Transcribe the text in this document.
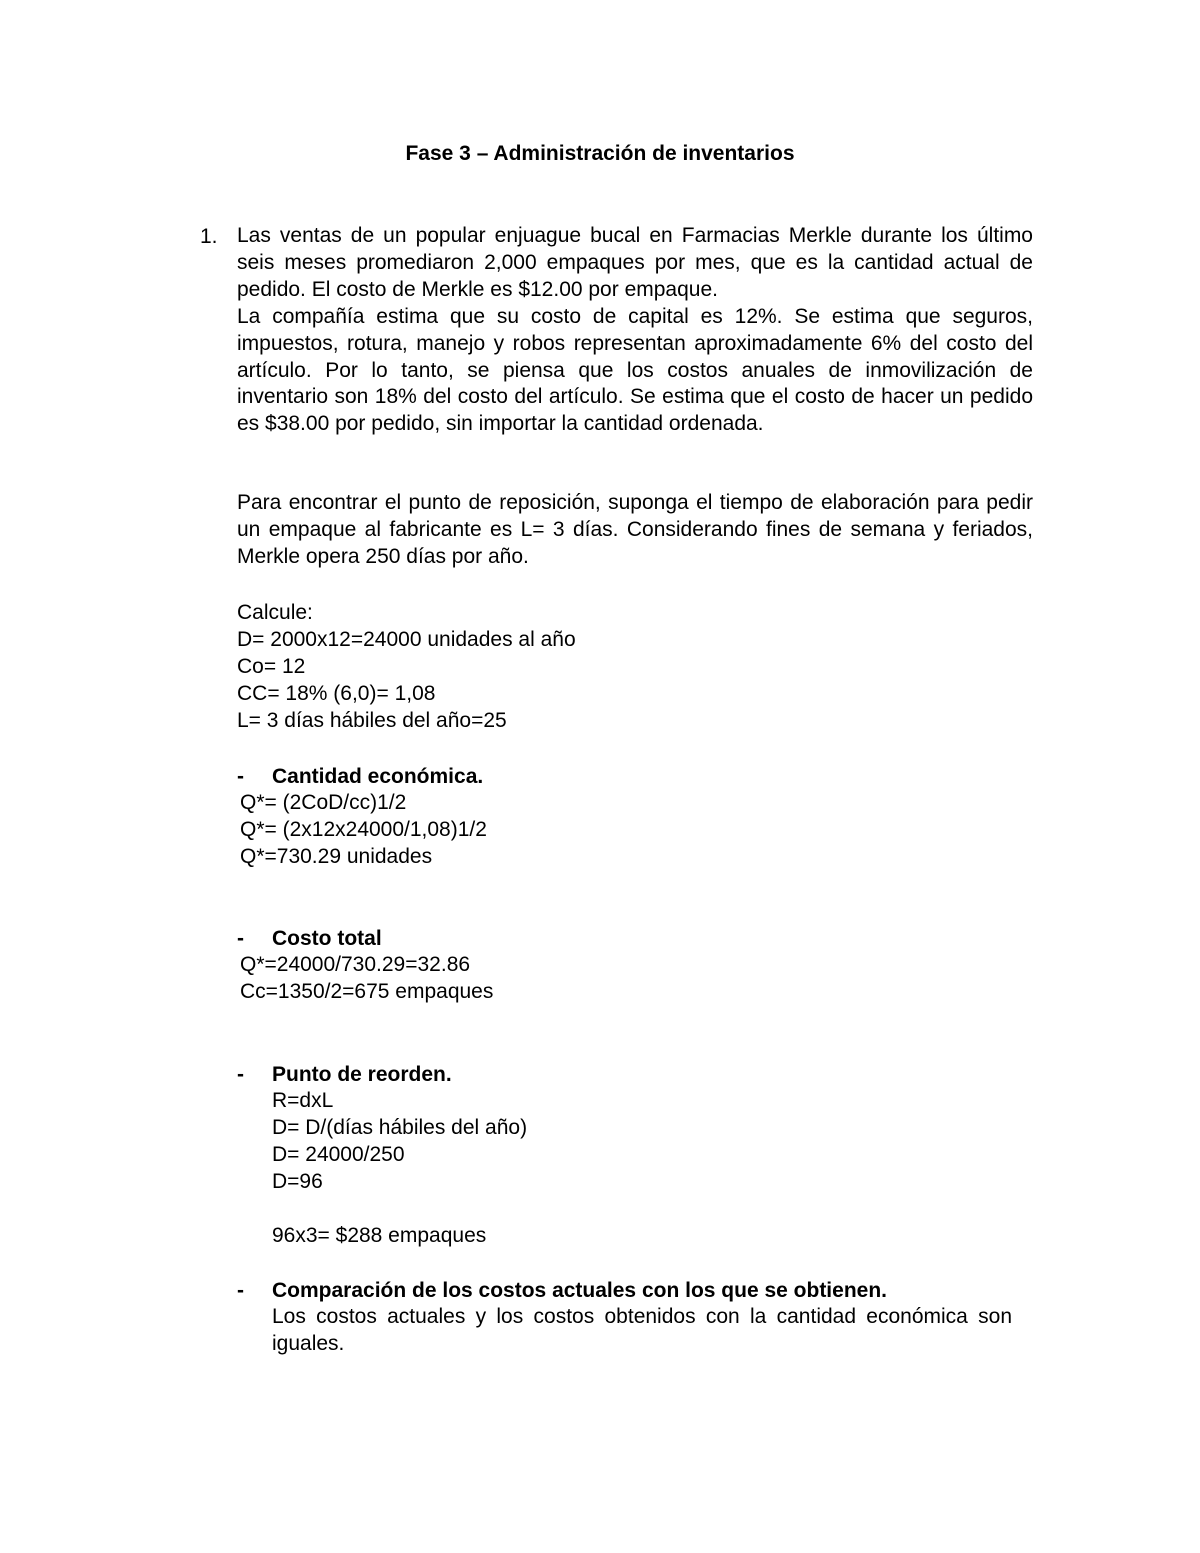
Fase 3 – Administración de inventarios
1. Las ventas de un popular enjuague bucal en Farmacias Merkle durante los último seis meses promediaron 2,000 empaques por mes, que es la cantidad actual de pedido. El costo de Merkle es $12.00 por empaque.

La compañía estima que su costo de capital es 12%. Se estima que seguros, impuestos, rotura, manejo y robos representan aproximadamente 6% del costo del artículo. Por lo tanto, se piensa que los costos anuales de inmovilización de inventario son 18% del costo del artículo. Se estima que el costo de hacer un pedido es $38.00 por pedido, sin importar la cantidad ordenada.

Para encontrar el punto de reposición, suponga el tiempo de elaboración para pedir un empaque al fabricante es L= 3 días. Considerando fines de semana y feriados, Merkle opera 250 días por año.

Calcule:

D= 2000x12=24000 unidades al año

Co= 12

CC= 18% (6,0)= 1,08

L= 3 días hábiles del año=25

- Cantidad económica.

Q*= (2CoD/cc)1/2

Q*= (2x12x24000/1,08)1/2

Q*=730.29 unidades

- Costo total

Q*=24000/730.29=32.86

Cc=1350/2=675 empaques

- Punto de reorden.

R=dxL

D= D/(días hábiles del año)

D= 24000/250

D=96

96x3= $288 empaques

- Comparación de los costos actuales con los que se obtienen.

Los costos actuales y los costos obtenidos con la cantidad económica son iguales.
